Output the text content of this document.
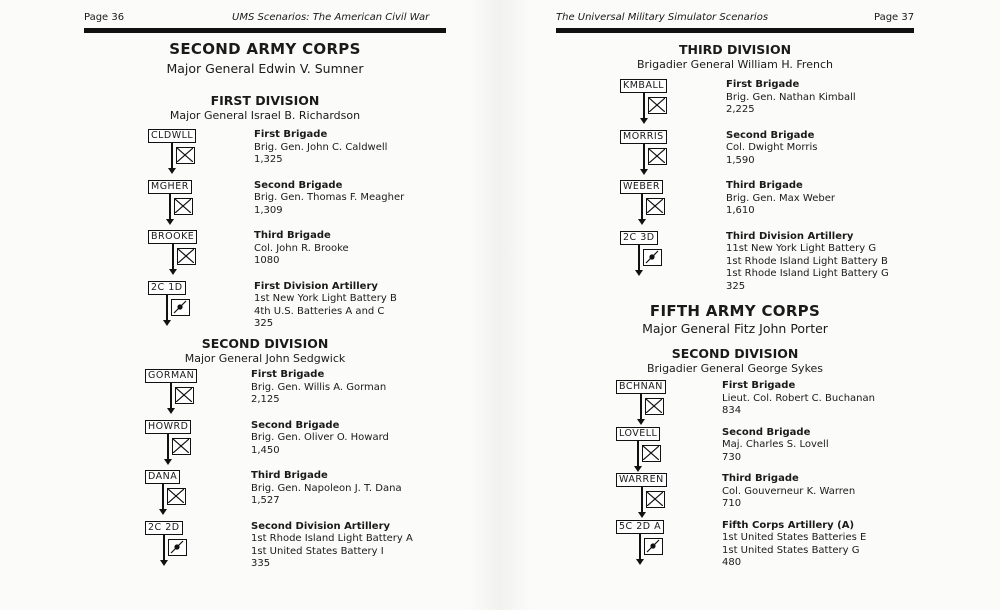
Page 36	UMS Scenarios: The American Civil War
SECOND ARMY CORPS
Major General Edwin V. Sumner
FIRST DIVISION
Major General Israel B. Richardson
CLDWLL	First Brigade
Brig. Gen. John C. Caldwell
1,325
MGHER	Second Brigade
Brig. Gen. Thomas F. Meagher
1,309
BROOKE	Third Brigade
Col. John R. Brooke
1080
2C 1D	First Division Artillery
1st New York Light Battery B
4th U.S. Batteries A and C
325
SECOND DIVISION
Major General John Sedgwick
GORMAN	First Brigade
Brig. Gen. Willis A. Gorman
2,125
HOWRD	Second Brigade
Brig. Gen. Oliver O. Howard
1,450
DANA	Third Brigade
Brig. Gen. Napoleon J. T. Dana
1,527
2C 2D	Second Division Artillery
1st Rhode Island Light Battery A
1st United States Battery I
335
The Universal Military Simulator Scenarios	Page 37
THIRD DIVISION
Brigadier General William H. French
KMBALL	First Brigade
Brig. Gen. Nathan Kimball
2,225
MORRIS	Second Brigade
Col. Dwight Morris
1,590
WEBER	Third Brigade
Brig. Gen. Max Weber
1,610
2C 3D	Third Division Artillery
11st New York Light Battery G
1st Rhode Island Light Battery B
1st Rhode Island Light Battery G
325
FIFTH ARMY CORPS
Major General Fitz John Porter
SECOND DIVISION
Brigadier General George Sykes
BCHNAN	First Brigade
Lieut. Col. Robert C. Buchanan
834
LOVELL	Second Brigade
Maj. Charles S. Lovell
730
WARREN	Third Brigade
Col. Gouverneur K. Warren
710
5C 2D A	Fifth Corps Artillery (A)
1st United States Batteries E
1st United States Battery G
480
